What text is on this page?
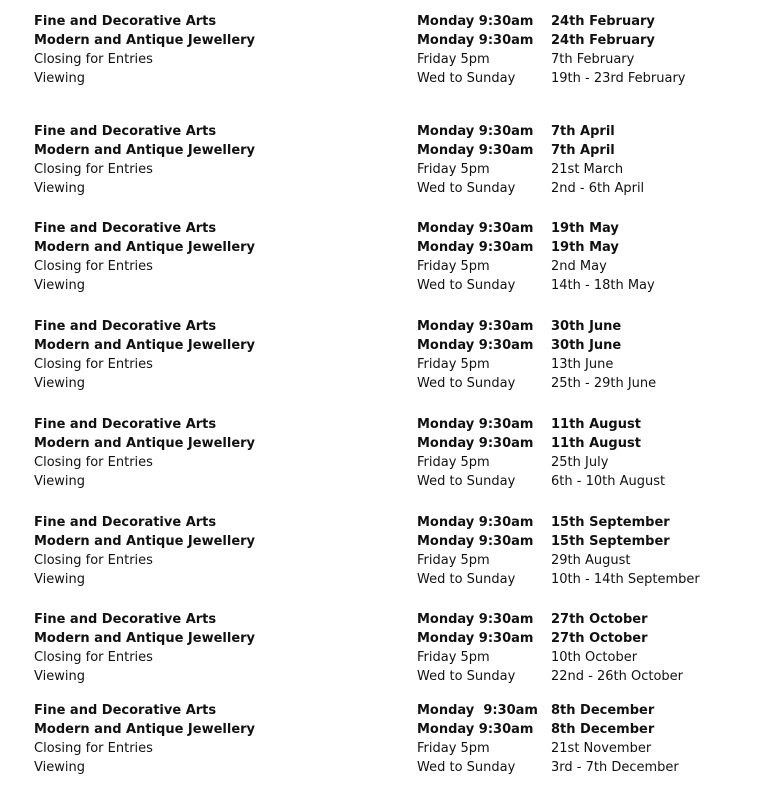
Fine and Decorative Arts	Monday 9:30am 24th February
Modern and Antique Jewellery	Monday 9:30am 24th February
Closing for Entries	Friday 5pm	7th February
Viewing	Wed to Sunday	19th - 23rd February
Fine and Decorative Arts	Monday 9:30am 7th April
Modern and Antique Jewellery	Monday 9:30am 7th April
Closing for Entries	Friday 5pm	21st March
Viewing	Wed to Sunday	2nd - 6th April
Fine and Decorative Arts	Monday 9:30am 19th May
Modern and Antique Jewellery	Monday 9:30am 19th May
Closing for Entries	Friday 5pm	2nd May
Viewing	Wed to Sunday	14th - 18th May
Fine and Decorative Arts	Monday 9:30am 30th June
Modern and Antique Jewellery	Monday 9:30am 30th June
Closing for Entries	Friday 5pm	13th June
Viewing	Wed to Sunday	25th - 29th June
Fine and Decorative Arts	Monday 9:30am 11th August
Modern and Antique Jewellery	Monday 9:30am 11th August
Closing for Entries	Friday 5pm	25th July
Viewing	Wed to Sunday	6th - 10th August
Fine and Decorative Arts	Monday 9:30am 15th September
Modern and Antique Jewellery	Monday 9:30am 15th September
Closing for Entries	Friday 5pm	29th August
Viewing	Wed to Sunday	10th - 14th September
Fine and Decorative Arts	Monday 9:30am 27th October
Modern and Antique Jewellery	Monday 9:30am 27th October
Closing for Entries	Friday 5pm	10th October
Viewing	Wed to Sunday	22nd - 26th October
Fine and Decorative Arts	Monday  9:30am 8th December
Modern and Antique Jewellery	Monday 9:30am 8th December
Closing for Entries	Friday 5pm	21st November
Viewing	Wed to Sunday	3rd - 7th December
